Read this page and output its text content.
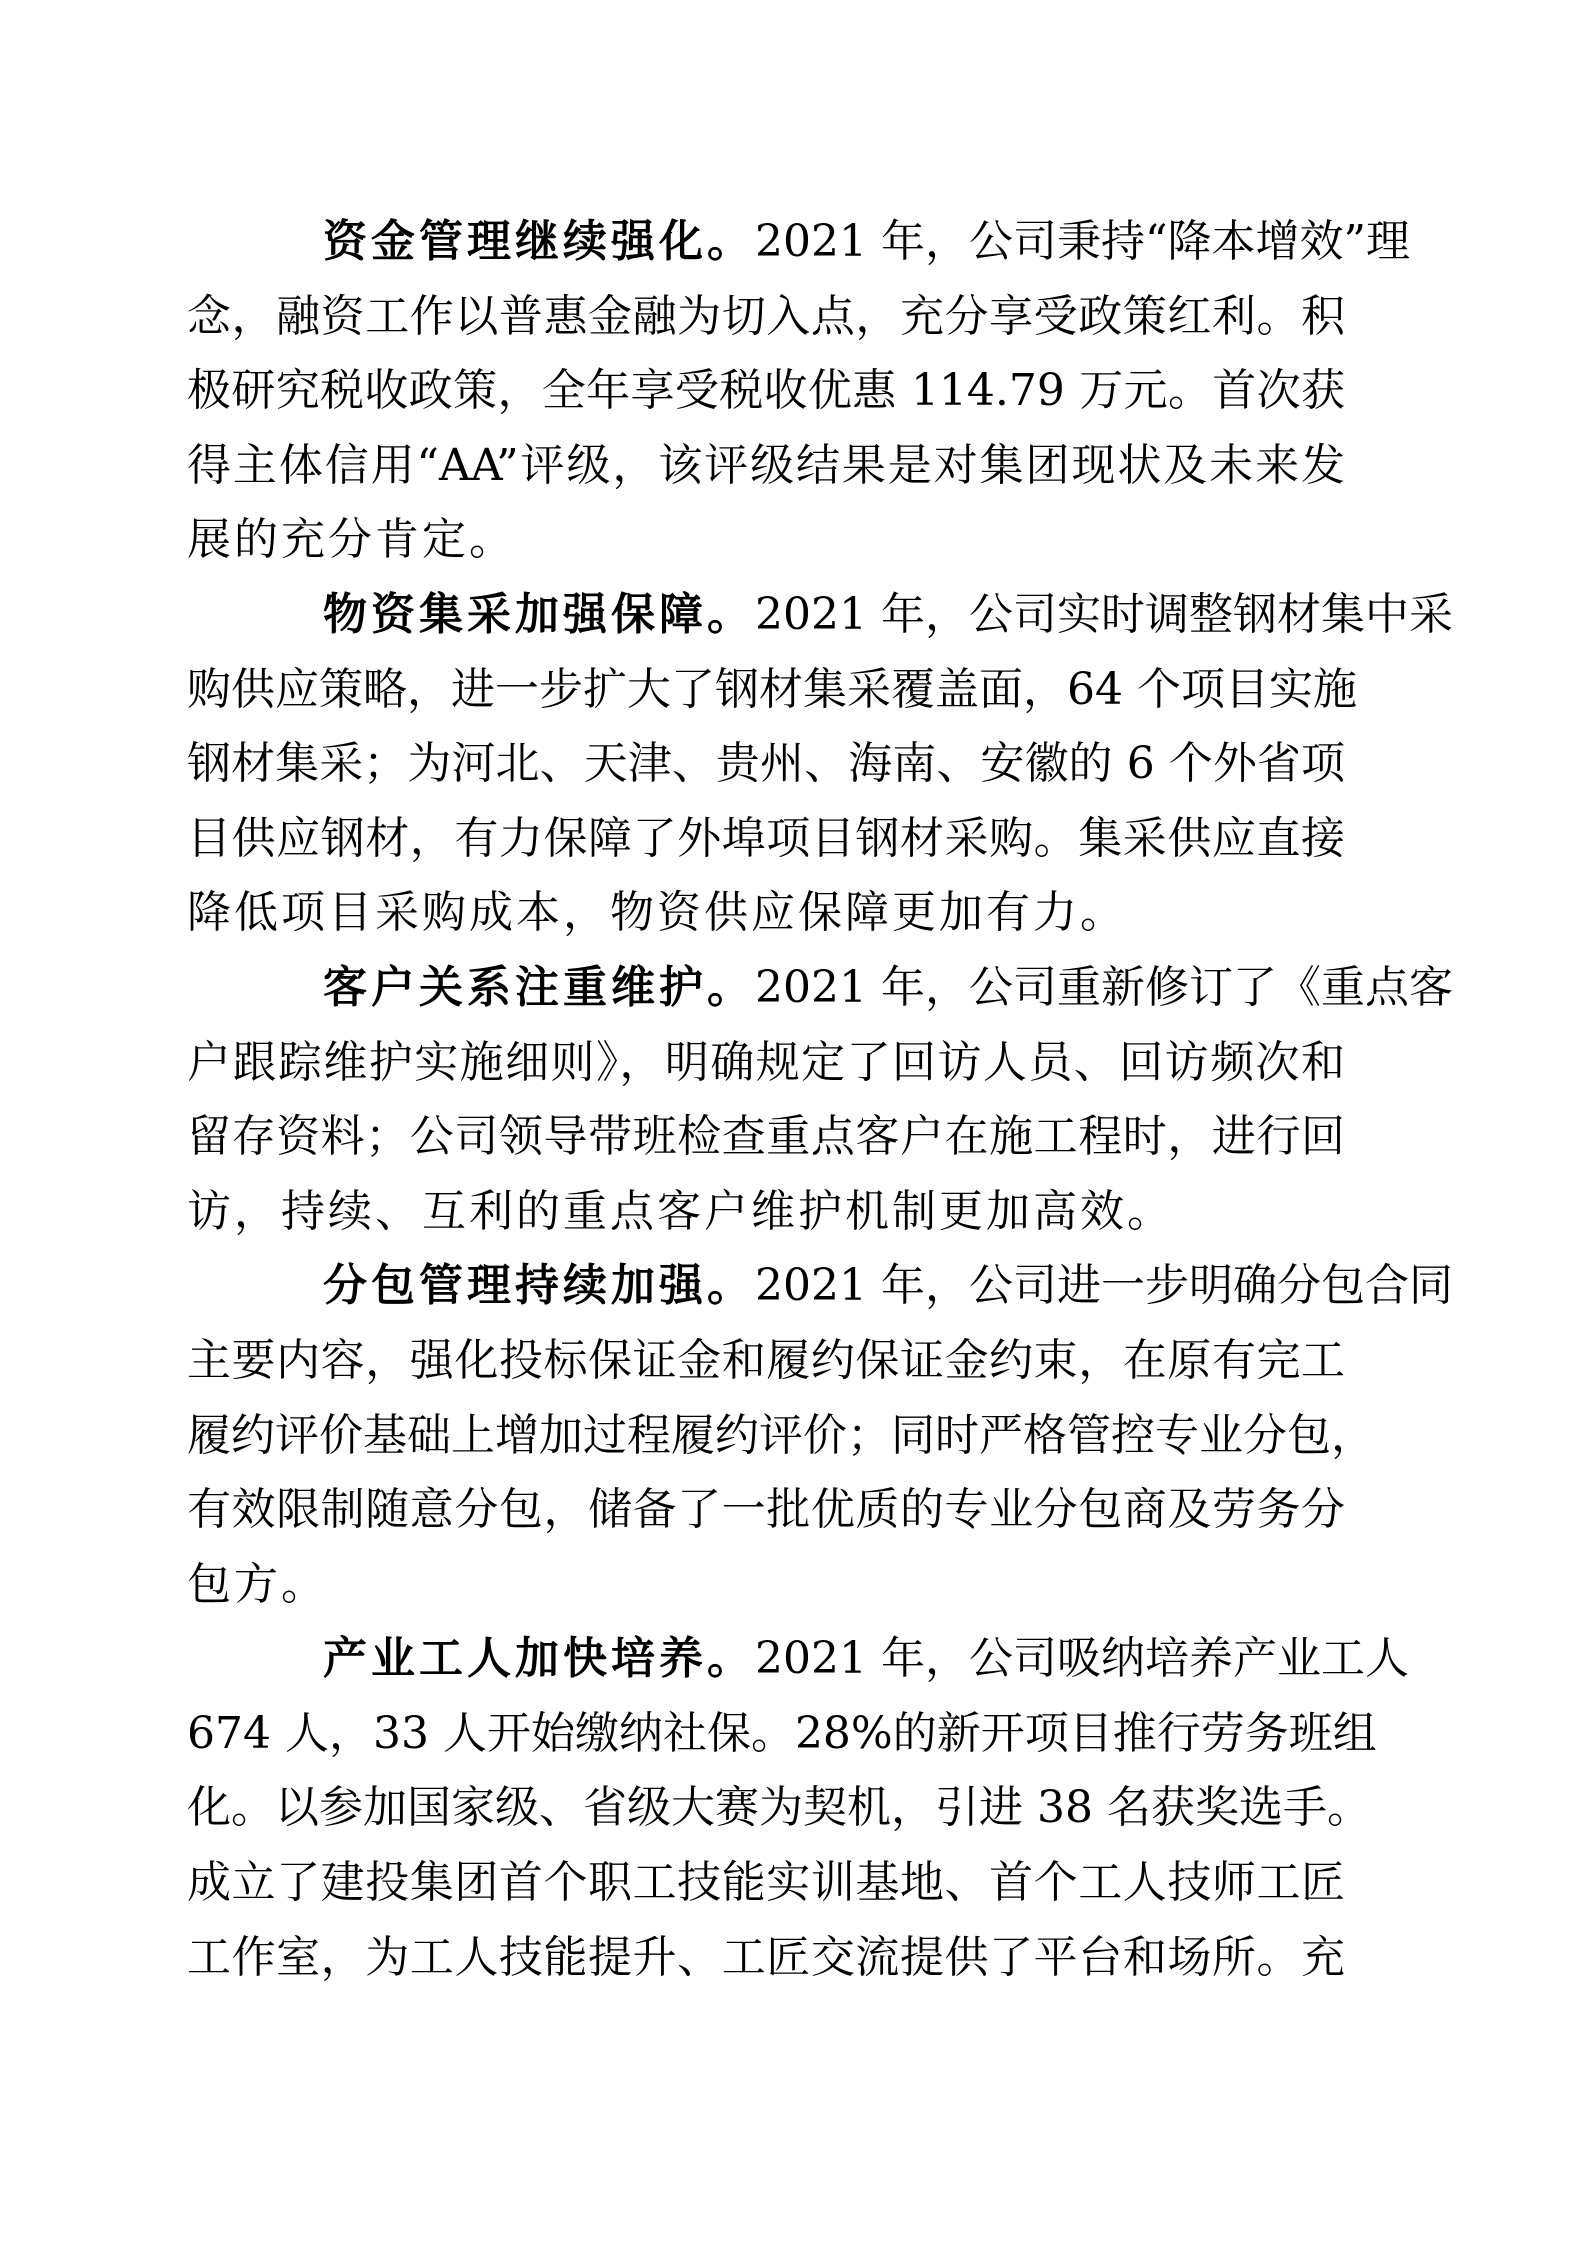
资金管理继续强化。2021 年，公司秉持“降本增效”理
念，融资工作以普惠金融为切入点，充分享受政策红利。积
极研究税收政策，全年享受税收优惠 114.79 万元。首次获
得主体信用“AA”评级，该评级结果是对集团现状及未来发
展的充分肯定。
物资集采加强保障。2021 年，公司实时调整钢材集中采
购供应策略，进一步扩大了钢材集采覆盖面，64 个项目实施
钢材集采；为河北、天津、贵州、海南、安徽的 6 个外省项
目供应钢材，有力保障了外埠项目钢材采购。集采供应直接
降低项目采购成本，物资供应保障更加有力。
客户关系注重维护。2021 年，公司重新修订了《重点客
户跟踪维护实施细则》，明确规定了回访人员、回访频次和
留存资料；公司领导带班检查重点客户在施工程时，进行回
访，持续、互利的重点客户维护机制更加高效。
分包管理持续加强。2021 年，公司进一步明确分包合同
主要内容，强化投标保证金和履约保证金约束，在原有完工
履约评价基础上增加过程履约评价；同时严格管控专业分包，
有效限制随意分包，储备了一批优质的专业分包商及劳务分
包方。
产业工人加快培养。2021 年，公司吸纳培养产业工人
674 人，33 人开始缴纳社保。28%的新开项目推行劳务班组
化。以参加国家级、省级大赛为契机，引进 38 名获奖选手。
成立了建投集团首个职工技能实训基地、首个工人技师工匠
工作室，为工人技能提升、工匠交流提供了平台和场所。充
